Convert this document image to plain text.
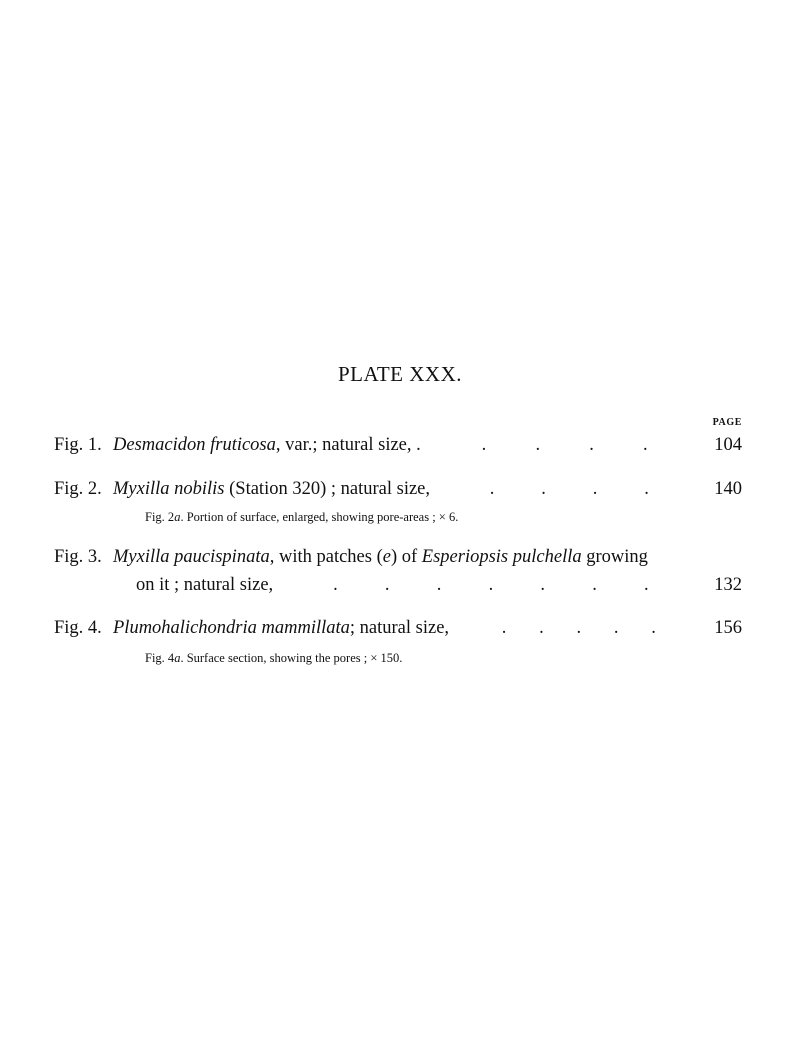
PLATE XXX.
PAGE
Fig. 1. Desmacidon fruticosa, var.; natural size, .	.	.	.	.	104
Fig. 2. Myxilla nobilis (Station 320) ; natural size,	.	.	.	.	140
Fig. 2a. Portion of surface, enlarged, showing pore-areas ; × 6.
Fig. 3. Myxilla paucispinata, with patches (e) of Esperiopsis pulchella growing
on it ; natural size,	.	.	.	.	.	.	.	132
Fig. 4. Plumohalichondria mammillata; natural size,	. . . . .	156
Fig. 4a. Surface section, showing the pores ; × 150.
